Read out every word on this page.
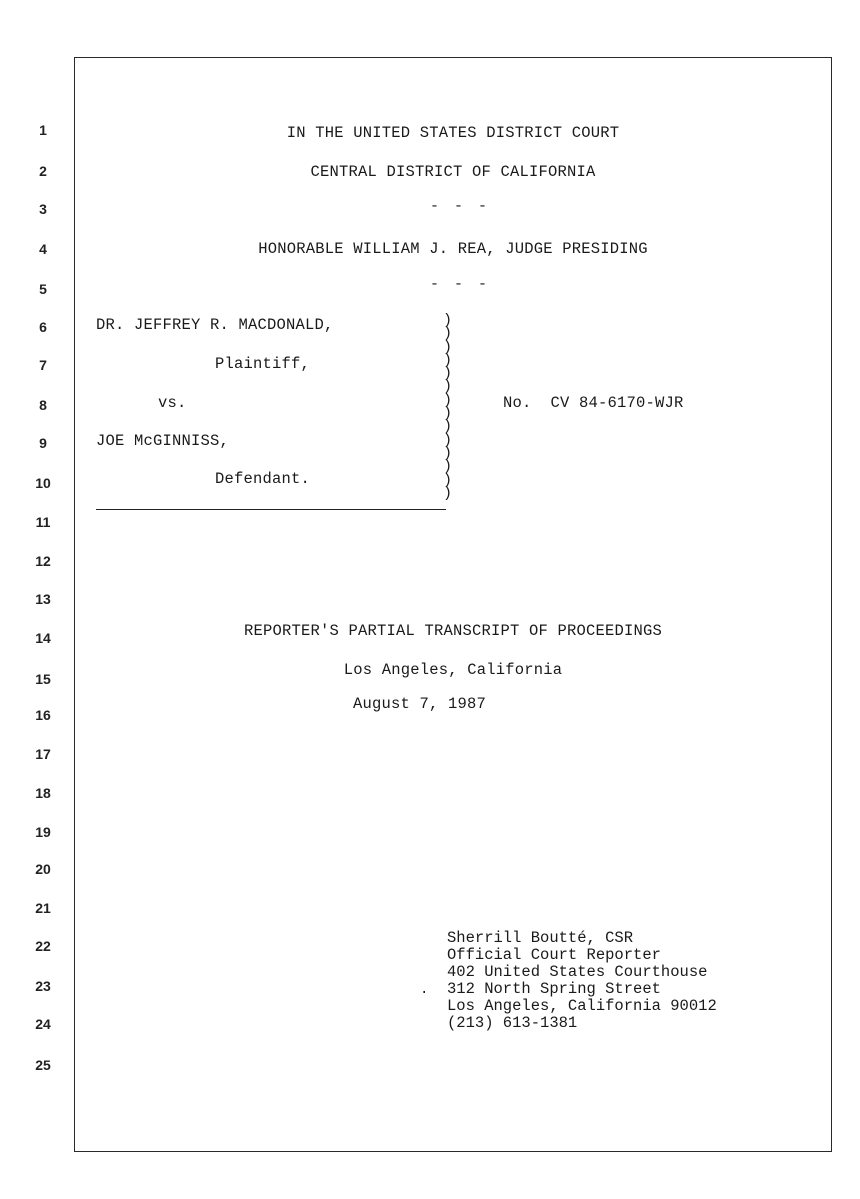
1
2
3
4
5
6
7
8
9
10
11
12
13
14
15
16
17
18
19
20
21
22
23
24
25
IN THE UNITED STATES DISTRICT COURT
CENTRAL DISTRICT OF CALIFORNIA
- - -
HONORABLE WILLIAM J. REA, JUDGE PRESIDING
- - -
DR. JEFFREY R. MACDONALD,
Plaintiff,
vs.
JOE McGINNISS,
Defendant.
No.  CV 84-6170-WJR
)
)
)
)
)
)
)
)
)
)
)
)
)
)
REPORTER'S PARTIAL TRANSCRIPT OF PROCEEDINGS
Los Angeles, California
August 7, 1987
Sherrill Boutté, CSR
Official Court Reporter
402 United States Courthouse
312 North Spring Street
Los Angeles, California 90012
(213) 613-1381
·
